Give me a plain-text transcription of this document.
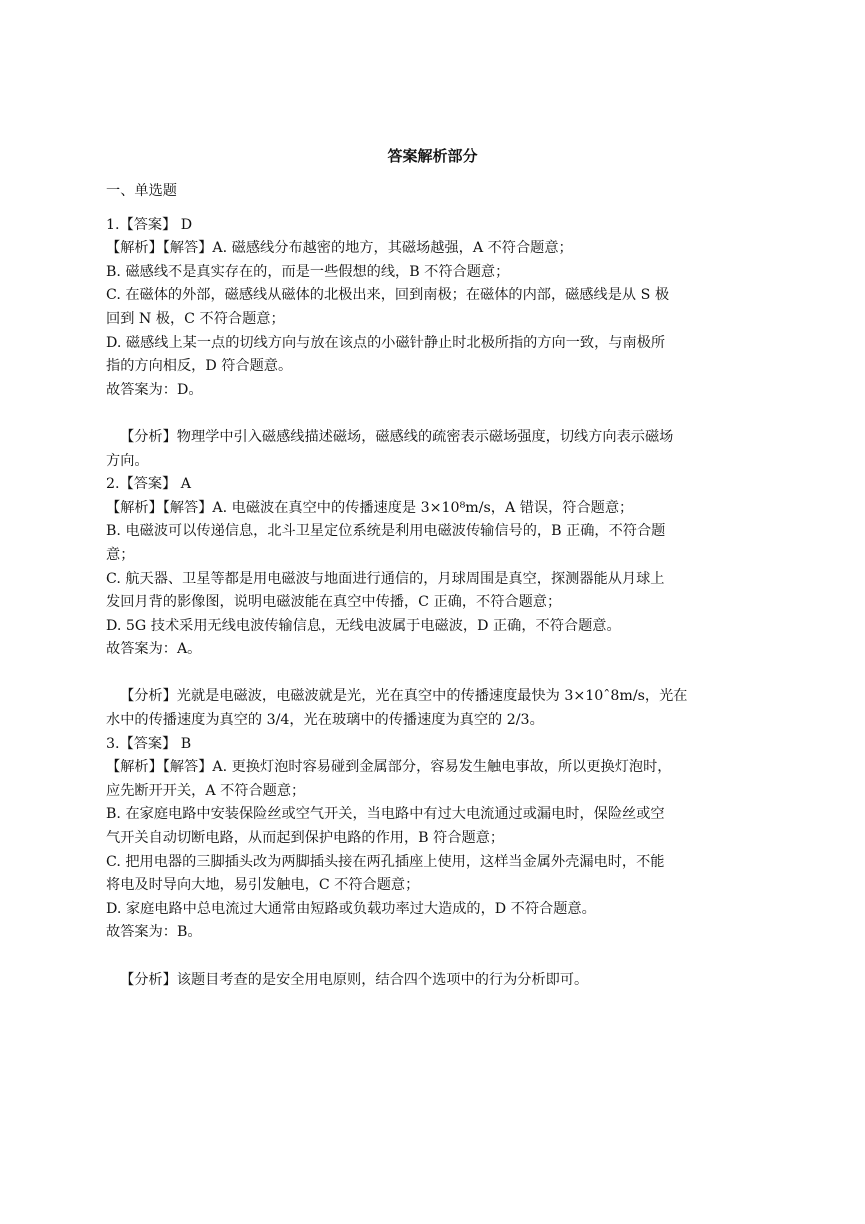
答案解析部分
一、单选题
1.【答案】 D
【解析】【解答】A. 磁感线分布越密的地方，其磁场越强，A 不符合题意；
B. 磁感线不是真实存在的，而是一些假想的线，B 不符合题意；
C. 在磁体的外部，磁感线从磁体的北极出来，回到南极；在磁体的内部，磁感线是从 S 极
回到 N 极，C 不符合题意；
D. 磁感线上某一点的切线方向与放在该点的小磁针静止时北极所指的方向一致，与南极所
指的方向相反，D 符合题意。
故答案为：D。
【分析】物理学中引入磁感线描述磁场，磁感线的疏密表示磁场强度，切线方向表示磁场
方向。
2.【答案】 A
【解析】【解答】A. 电磁波在真空中的传播速度是 3×10⁸m/s，A 错误，符合题意；
B. 电磁波可以传递信息，北斗卫星定位系统是利用电磁波传输信号的，B 正确，不符合题
意；
C. 航天器、卫星等都是用电磁波与地面进行通信的，月球周围是真空，探测器能从月球上
发回月背的影像图，说明电磁波能在真空中传播，C 正确，不符合题意；
D. 5G 技术采用无线电波传输信息，无线电波属于电磁波，D 正确，不符合题意。
故答案为：A。
【分析】光就是电磁波，电磁波就是光，光在真空中的传播速度最快为 3×10ˆ8m/s，光在
水中的传播速度为真空的 3/4，光在玻璃中的传播速度为真空的 2/3。
3.【答案】 B
【解析】【解答】A. 更换灯泡时容易碰到金属部分，容易发生触电事故，所以更换灯泡时，
应先断开开关，A 不符合题意；
B. 在家庭电路中安装保险丝或空气开关，当电路中有过大电流通过或漏电时，保险丝或空
气开关自动切断电路，从而起到保护电路的作用，B 符合题意；
C. 把用电器的三脚插头改为两脚插头接在两孔插座上使用，这样当金属外壳漏电时，不能
将电及时导向大地，易引发触电，C 不符合题意；
D. 家庭电路中总电流过大通常由短路或负载功率过大造成的，D 不符合题意。
故答案为：B。
【分析】该题目考查的是安全用电原则，结合四个选项中的行为分析即可。
